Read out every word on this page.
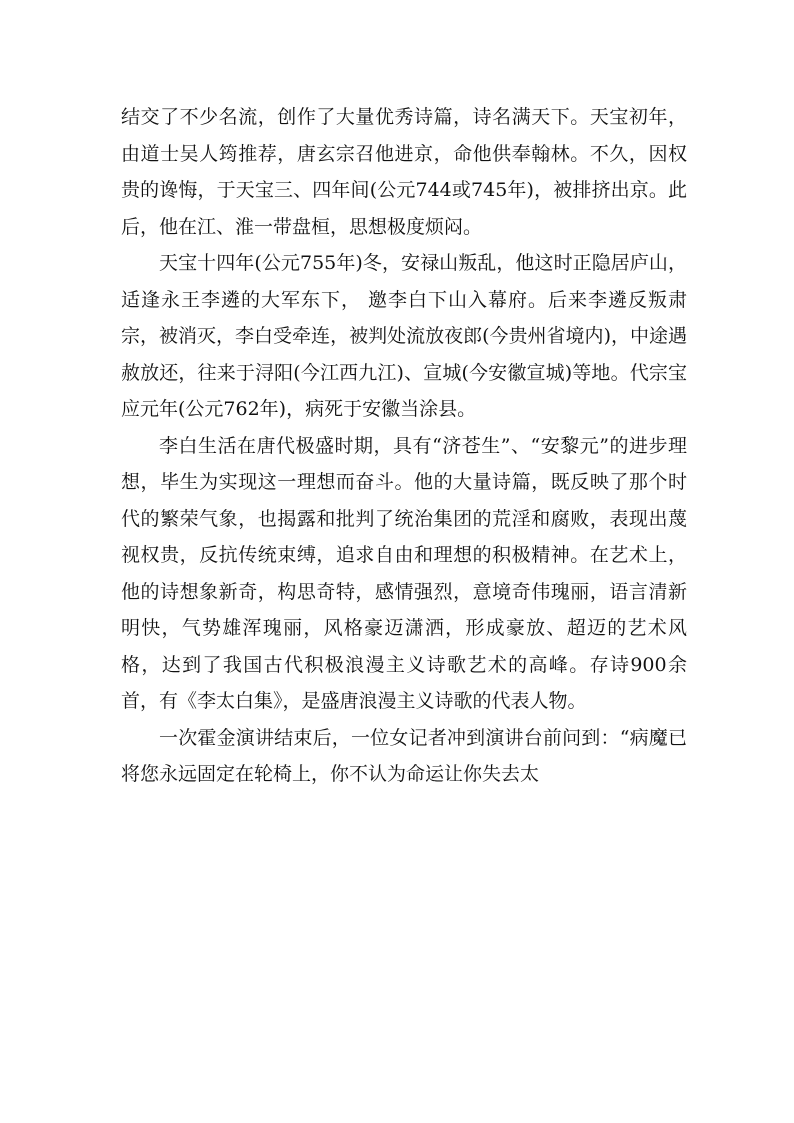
结交了不少名流，创作了大量优秀诗篇，诗名满天下。天宝初年，由道士吴人筠推荐，唐玄宗召他进京，命他供奉翰林。不久，因权贵的谗悔，于天宝三、四年间(公元744或745年)，被排挤出京。此后，他在江、淮一带盘桓，思想极度烦闷。

天宝十四年(公元755年)冬，安禄山叛乱，他这时正隐居庐山，适逢永王李遴的大军东下， 邀李白下山入幕府。后来李遴反叛肃宗，被消灭，李白受牵连，被判处流放夜郎(今贵州省境内)，中途遇赦放还，往来于浔阳(今江西九江)、宣城(今安徽宣城)等地。代宗宝应元年(公元762年)，病死于安徽当涂县。

李白生活在唐代极盛时期，具有“济苍生”、“安黎元”的进步理想，毕生为实现这一理想而奋斗。他的大量诗篇，既反映了那个时代的繁荣气象，也揭露和批判了统治集团的荒淫和腐败，表现出蔑视权贵，反抗传统束缚，追求自由和理想的积极精神。在艺术上，他的诗想象新奇，构思奇特，感情强烈，意境奇伟瑰丽，语言清新明快，气势雄浑瑰丽，风格豪迈潇洒，形成豪放、超迈的艺术风格，达到了我国古代积极浪漫主义诗歌艺术的高峰。存诗900余首，有《李太白集》，是盛唐浪漫主义诗歌的代表人物。

一次霍金演讲结束后，一位女记者冲到演讲台前问到：“病魔已将您永远固定在轮椅上，你不认为命运让你失去太
